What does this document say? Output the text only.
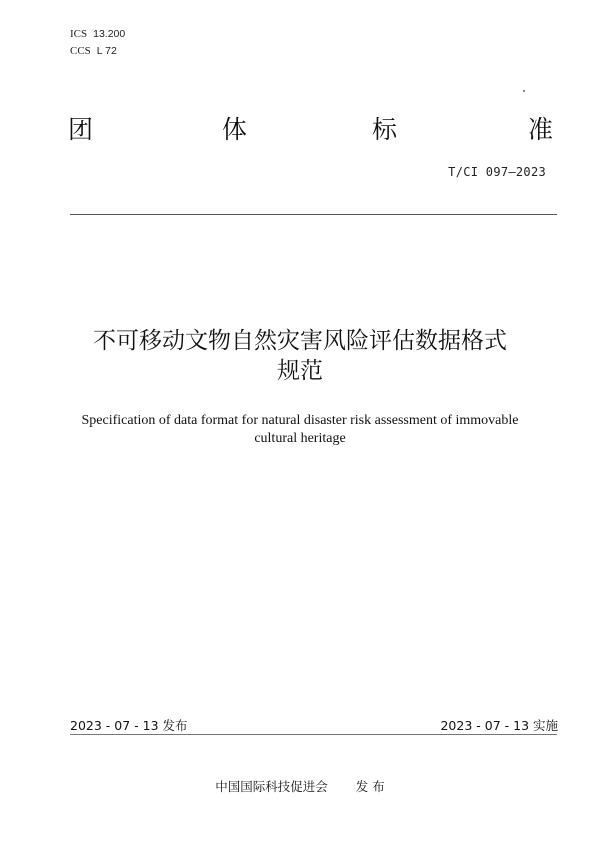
ICS 13.200
CCS L 72
团	体	标	准
T/CI 097—2023
不可移动文物自然灾害风险评估数据格式
规范
Specification of data format for natural disaster risk assessment of immovable
cultural heritage
2023 - 07 - 13 发布	2023 - 07 - 13 实施
中国国际科技促进会 发 布
